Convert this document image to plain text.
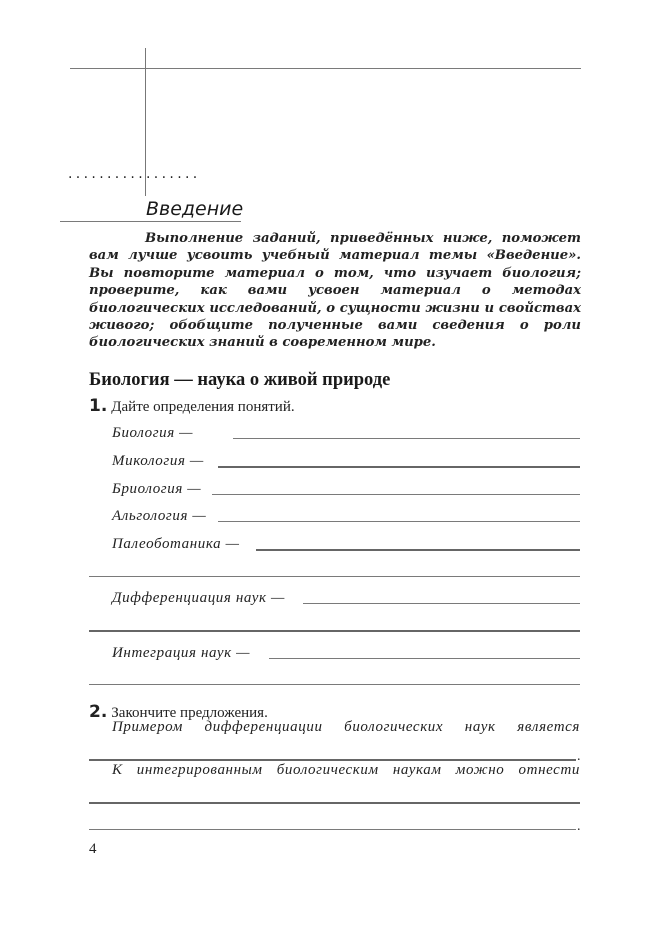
·················
Введение
Выполнение заданий, приведённых ниже, поможет вам лучше усвоить учебный материал темы «Введение». Вы повторите материал о том, что изучает биология; проверите, как вами усвоен материал о методах биологических исследований, о сущности жизни и свойствах живого; обобщите полученные вами сведения о роли биологических знаний в современном мире.
Биология — наука о живой природе
1. Дайте определения понятий.
Биология —
Микология —
Бриология —
Альгология —
Палеоботаника —
Дифференциация наук —
Интеграция наук —
2. Закончите предложения.
Примером дифференциации биологических наук является
.
К интегрированным биологическим наукам можно отнести
.
4
